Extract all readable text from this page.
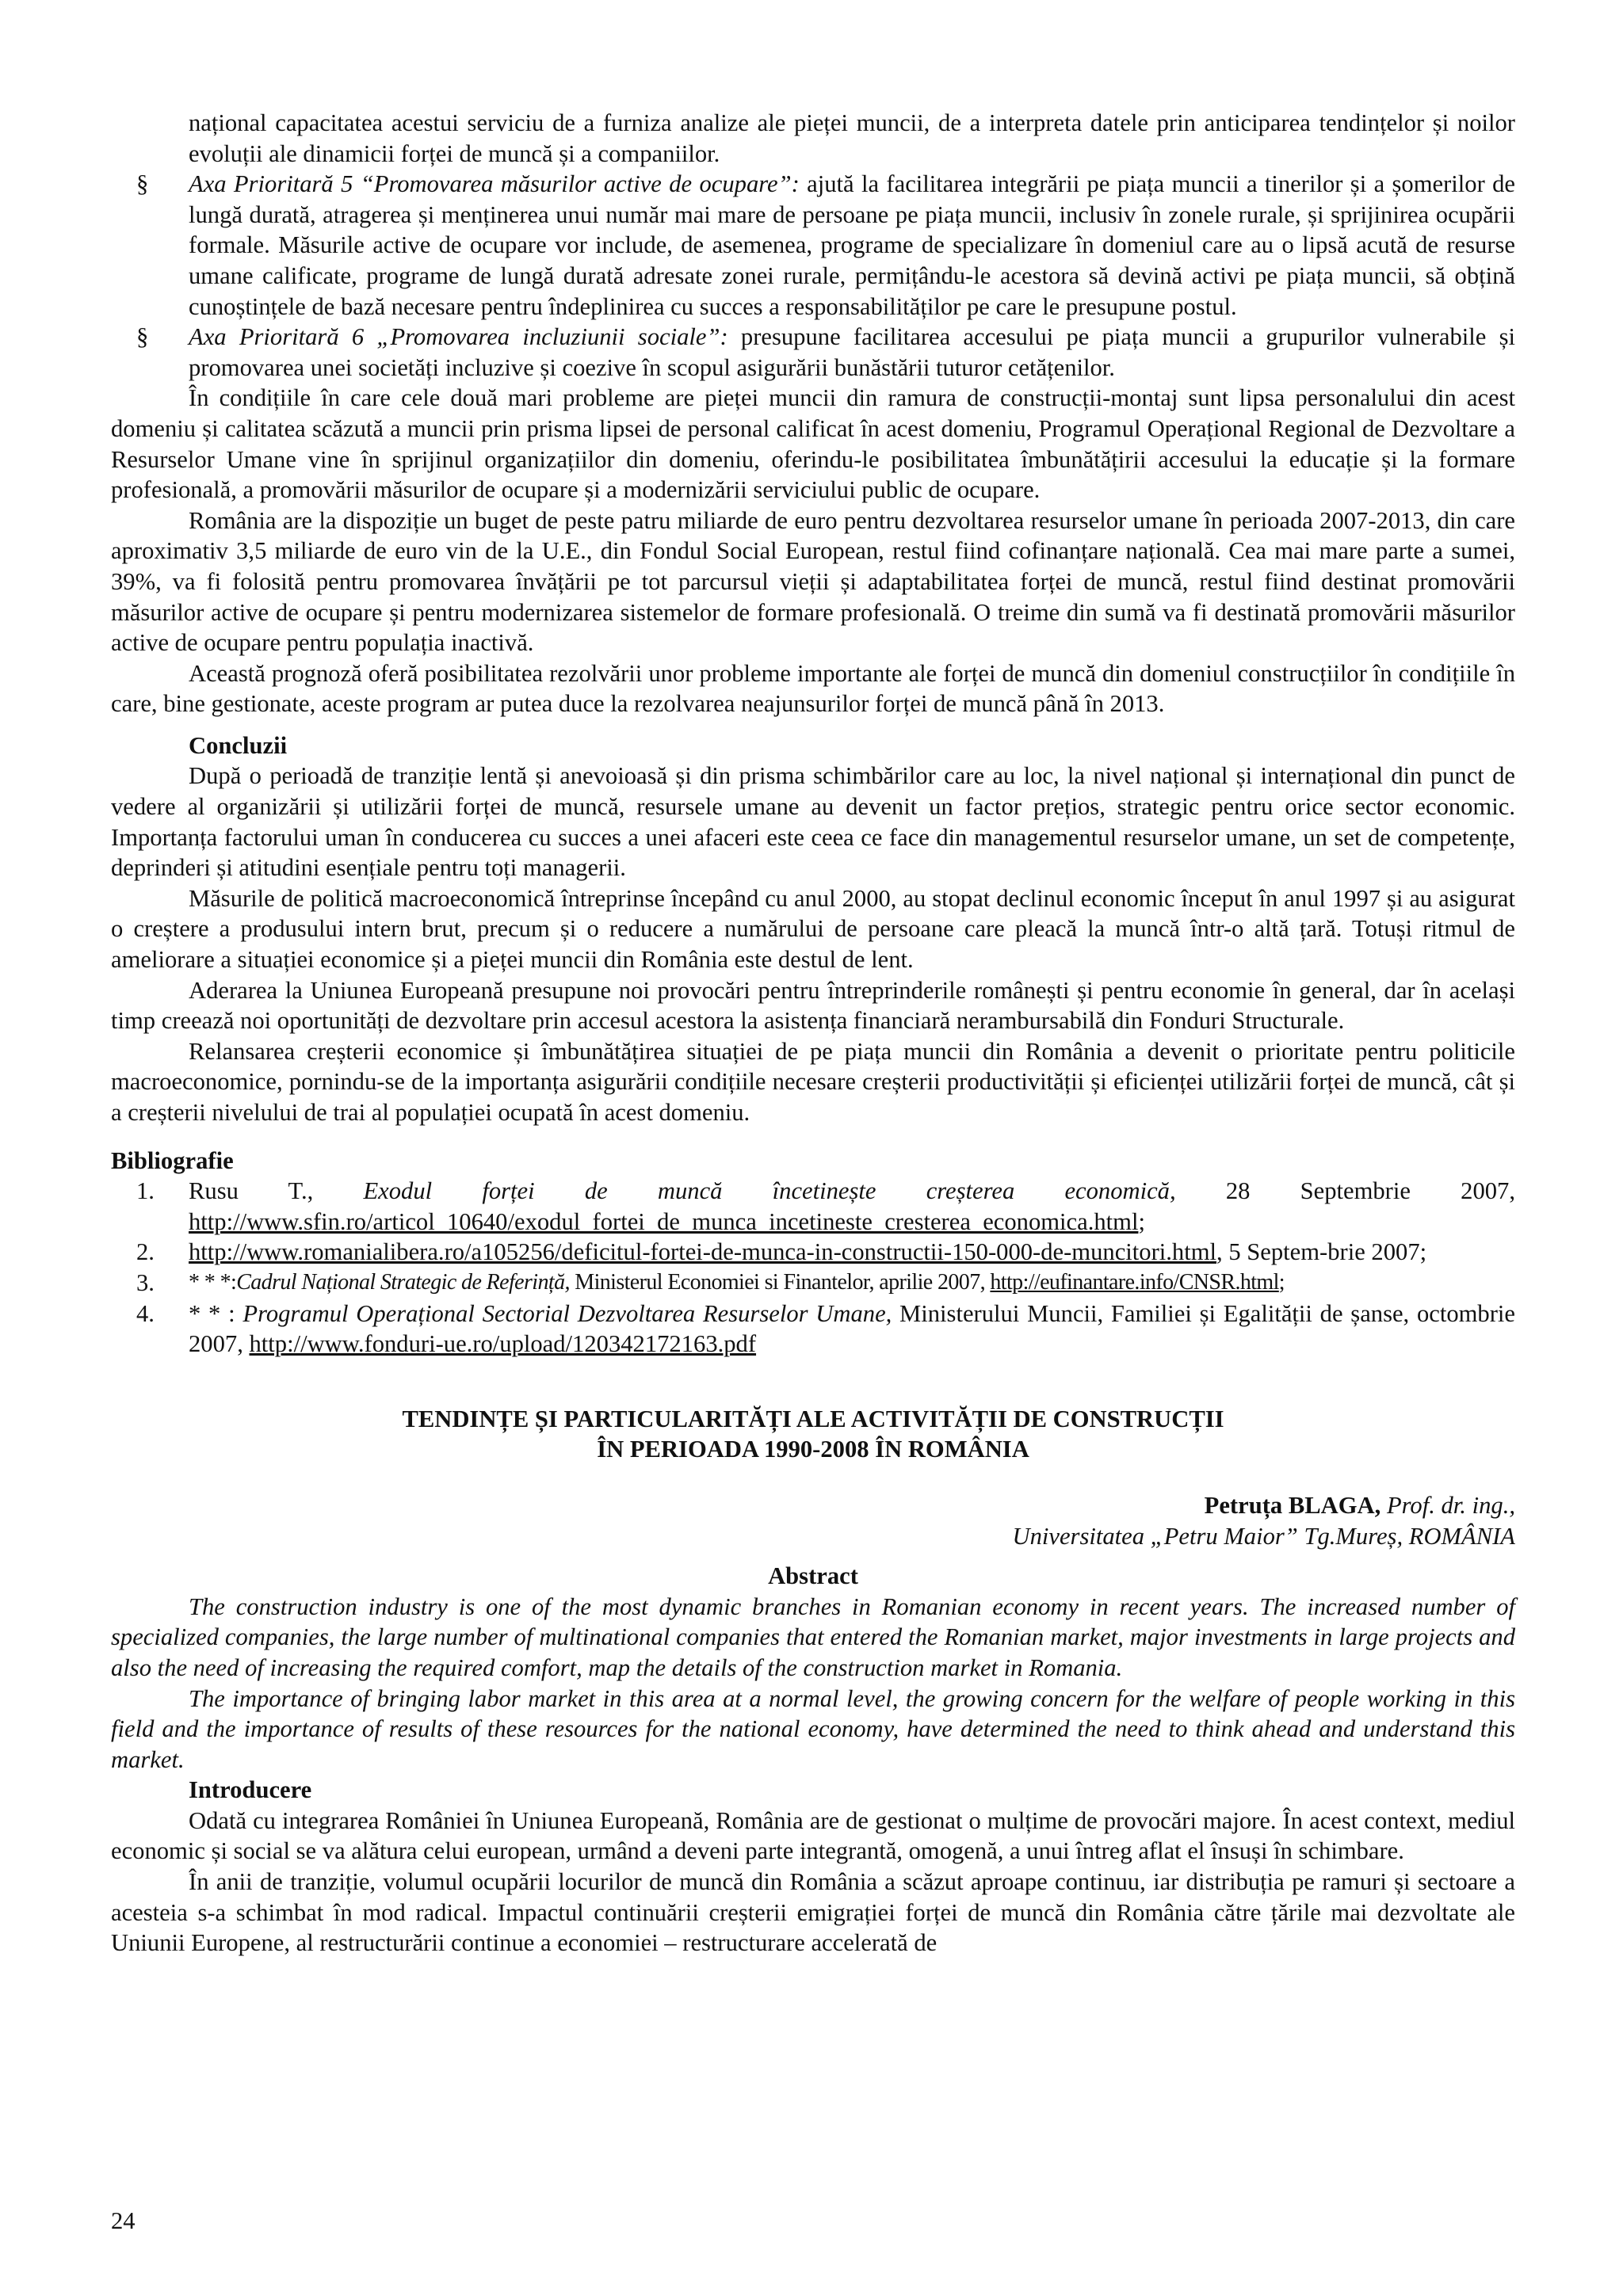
național capacitatea acestui serviciu de a furniza analize ale pieței muncii, de a interpreta datele prin anticiparea tendințelor și noilor evoluții ale dinamicii forței de muncă și a companiilor.

§ Axa Prioritară 5 “Promovarea măsurilor active de ocupare”: ajută la facilitarea integrării pe piața muncii a tinerilor și a șomerilor de lungă durată, atragerea și menținerea unui număr mai mare de persoane pe piața muncii, inclusiv în zonele rurale, și sprijinirea ocupării formale. Măsurile active de ocupare vor include, de asemenea, programe de specializare în domeniul care au o lipsă acută de resurse umane calificate, programe de lungă durată adresate zonei rurale, permițându-le acestora să devină activi pe piața muncii, să obțină cunoștințele de bază necesare pentru îndeplinirea cu succes a responsabilităților pe care le presupune postul.
§ Axa Prioritară 6 „Promovarea incluziunii sociale”: presupune facilitarea accesului pe piața muncii a grupurilor vulnerabile și promovarea unei societăți incluzive și coezive în scopul asigurării bunăstării tuturor cetățenilor.

În condițiile în care cele două mari probleme are pieței muncii din ramura de construcții-montaj sunt lipsa personalului din acest domeniu și calitatea scăzută a muncii prin prisma lipsei de personal calificat în acest domeniu, Programul Operațional Regional de Dezvoltare a Resurselor Umane vine în sprijinul organizațiilor din domeniu, oferindu-le posibilitatea îmbunătățirii accesului la educație și la formare profesională, a promovării măsurilor de ocupare și a modernizării serviciului public de ocupare.

România are la dispoziție un buget de peste patru miliarde de euro pentru dezvoltarea resurselor umane în perioada 2007-2013, din care aproximativ 3,5 miliarde de euro vin de la U.E., din Fondul Social European, restul fiind cofinanțare națională. Cea mai mare parte a sumei, 39%, va fi folosită pentru promovarea învățării pe tot parcursul vieții și adaptabilitatea forței de muncă, restul fiind destinat promovării măsurilor active de ocupare și pentru modernizarea sistemelor de formare profesională. O treime din sumă va fi destinată promovării măsurilor active de ocupare pentru populația inactivă.

Această prognoză oferă posibilitatea rezolvării unor probleme importante ale forței de muncă din domeniul construcțiilor în condițiile în care, bine gestionate, aceste program ar putea duce la rezolvarea neajunsurilor forței de muncă până în 2013.

Concluzii

După o perioadă de tranziție lentă și anevoioasă și din prisma schimbărilor care au loc, la nivel național și internațional din punct de vedere al organizării și utilizării forței de muncă, resursele umane au devenit un factor prețios, strategic pentru orice sector economic. Importanța factorului uman în conducerea cu succes a unei afaceri este ceea ce face din managementul resurselor umane, un set de competențe, deprinderi și atitudini esențiale pentru toți managerii.

Măsurile de politică macroeconomică întreprinse începând cu anul 2000, au stopat declinul economic început în anul 1997 și au asigurat o creștere a produsului intern brut, precum și o reducere a numărului de persoane care pleacă la muncă într-o altă țară. Totuși ritmul de ameliorare a situației economice și a pieței muncii din România este destul de lent.

Aderarea la Uniunea Europeană presupune noi provocări pentru întreprinderile românești și pentru economie în general, dar în același timp creează noi oportunități de dezvoltare prin accesul acestora la asistența financiară nerambursabilă din Fonduri Structurale.

Relansarea creșterii economice și îmbunătățirea situației de pe piața muncii din România a devenit o prioritate pentru politicile macroeconomice, pornindu-se de la importanța asigurării condițiile necesare creșterii productivității și eficienței utilizării forței de muncă, cât și a creșterii nivelului de trai al populației ocupată în acest domeniu.

Bibliografie

1. Rusu T., Exodul forței de muncă încetinește creșterea economică, 28 Septembrie 2007, http://www.sfin.ro/articol_10640/exodul_fortei_de_munca_incetineste_cresterea_economica.html;
2. http://www.romanialibera.ro/a105256/deficitul-fortei-de-munca-in-constructii-150-000-de-muncitori.html, 5 Septem-brie 2007;
3. * * *:Cadrul Național Strategic de Referință, Ministerul Economiei si Finantelor, aprilie 2007, http://eufinantare.info/CNSR.html;
4. * * : Programul Operațional Sectorial Dezvoltarea Resurselor Umane, Ministerului Muncii, Familiei și Egalității de șanse, octombrie 2007, http://www.fonduri-ue.ro/upload/120342172163.pdf
TENDINȚE ȘI PARTICULARITĂȚI ALE ACTIVITĂȚII DE CONSTRUCȚII
ÎN PERIOADA 1990-2008 ÎN ROMÂNIA
Petruța BLAGA, Prof. dr. ing.,
Universitatea „Petru Maior” Tg.Mureș, ROMÂNIA

Abstract

The construction industry is one of the most dynamic branches in Romanian economy in recent years. The increased number of specialized companies, the large number of multinational companies that entered the Romanian market, major investments in large projects and also the need of increasing the required comfort, map the details of the construction market in Romania.

The importance of bringing labor market in this area at a normal level, the growing concern for the welfare of people working in this field and the importance of results of these resources for the national economy, have determined the need to think ahead and understand this market.

Introducere

Odată cu integrarea României în Uniunea Europeană, România are de gestionat o mulțime de provocări majore. În acest context, mediul economic și social se va alătura celui european, urmând a deveni parte integrantă, omogenă, a unui întreg aflat el însuși în schimbare.

În anii de tranziție, volumul ocupării locurilor de muncă din România a scăzut aproape continuu, iar distribuția pe ramuri și sectoare a acesteia s-a schimbat în mod radical. Impactul continuării creșterii emigrației forței de muncă din România către țările mai dezvoltate ale Uniunii Europene, al restructurării continue a economiei – restructurare accelerată de

24
